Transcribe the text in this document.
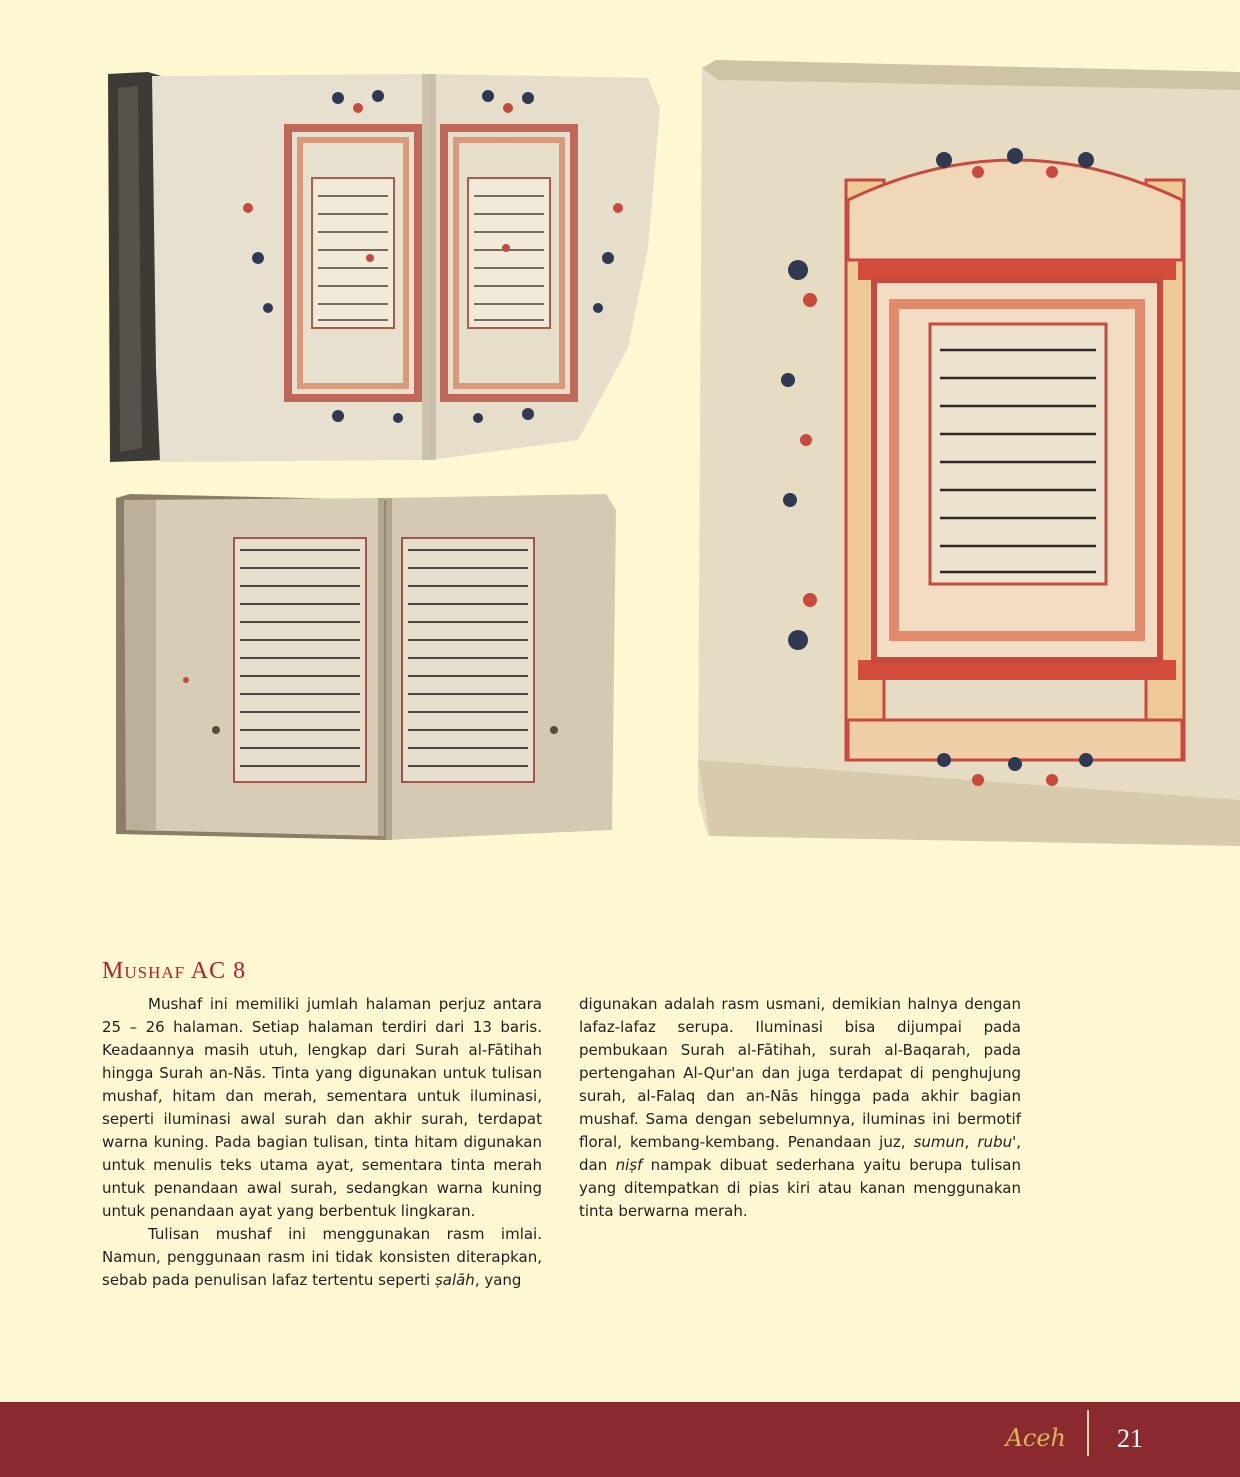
Mushaf AC 8

Mushaf ini memiliki jumlah halaman perjuz antara 25 – 26 halaman. Setiap halaman terdiri dari 13 baris. Keadaannya masih utuh, lengkap dari Surah al-Fātihah hingga Surah an-Nās. Tinta yang digunakan untuk tulisan mushaf, hitam dan merah, sementara untuk iluminasi, seperti iluminasi awal surah dan akhir surah, terdapat warna kuning. Pada bagian tulisan, tinta hitam digunakan untuk menulis teks utama ayat, sementara tinta merah untuk penandaan awal surah, sedangkan warna kuning untuk penandaan ayat yang berbentuk lingkaran.

Tulisan mushaf ini menggunakan rasm imlai. Namun, penggunaan rasm ini tidak konsisten diterapkan, sebab pada penulisan lafaz tertentu seperti ṣalāh, yang

digunakan adalah rasm usmani, demikian halnya dengan lafaz-lafaz serupa. Iluminasi bisa dijumpai pada pembukaan Surah al-Fātihah, surah al-Baqarah, pada pertengahan Al-Qur'an dan juga terdapat di penghujung surah, al-Falaq dan an-Nās hingga pada akhir bagian mushaf. Sama dengan sebelumnya, iluminas ini bermotif floral, kembang-kembang. Penandaan juz, sumun, rubu', dan niṣf nampak dibuat sederhana yaitu berupa tulisan yang ditempatkan di pias kiri atau kanan menggunakan tinta berwarna merah.

Aceh 21
